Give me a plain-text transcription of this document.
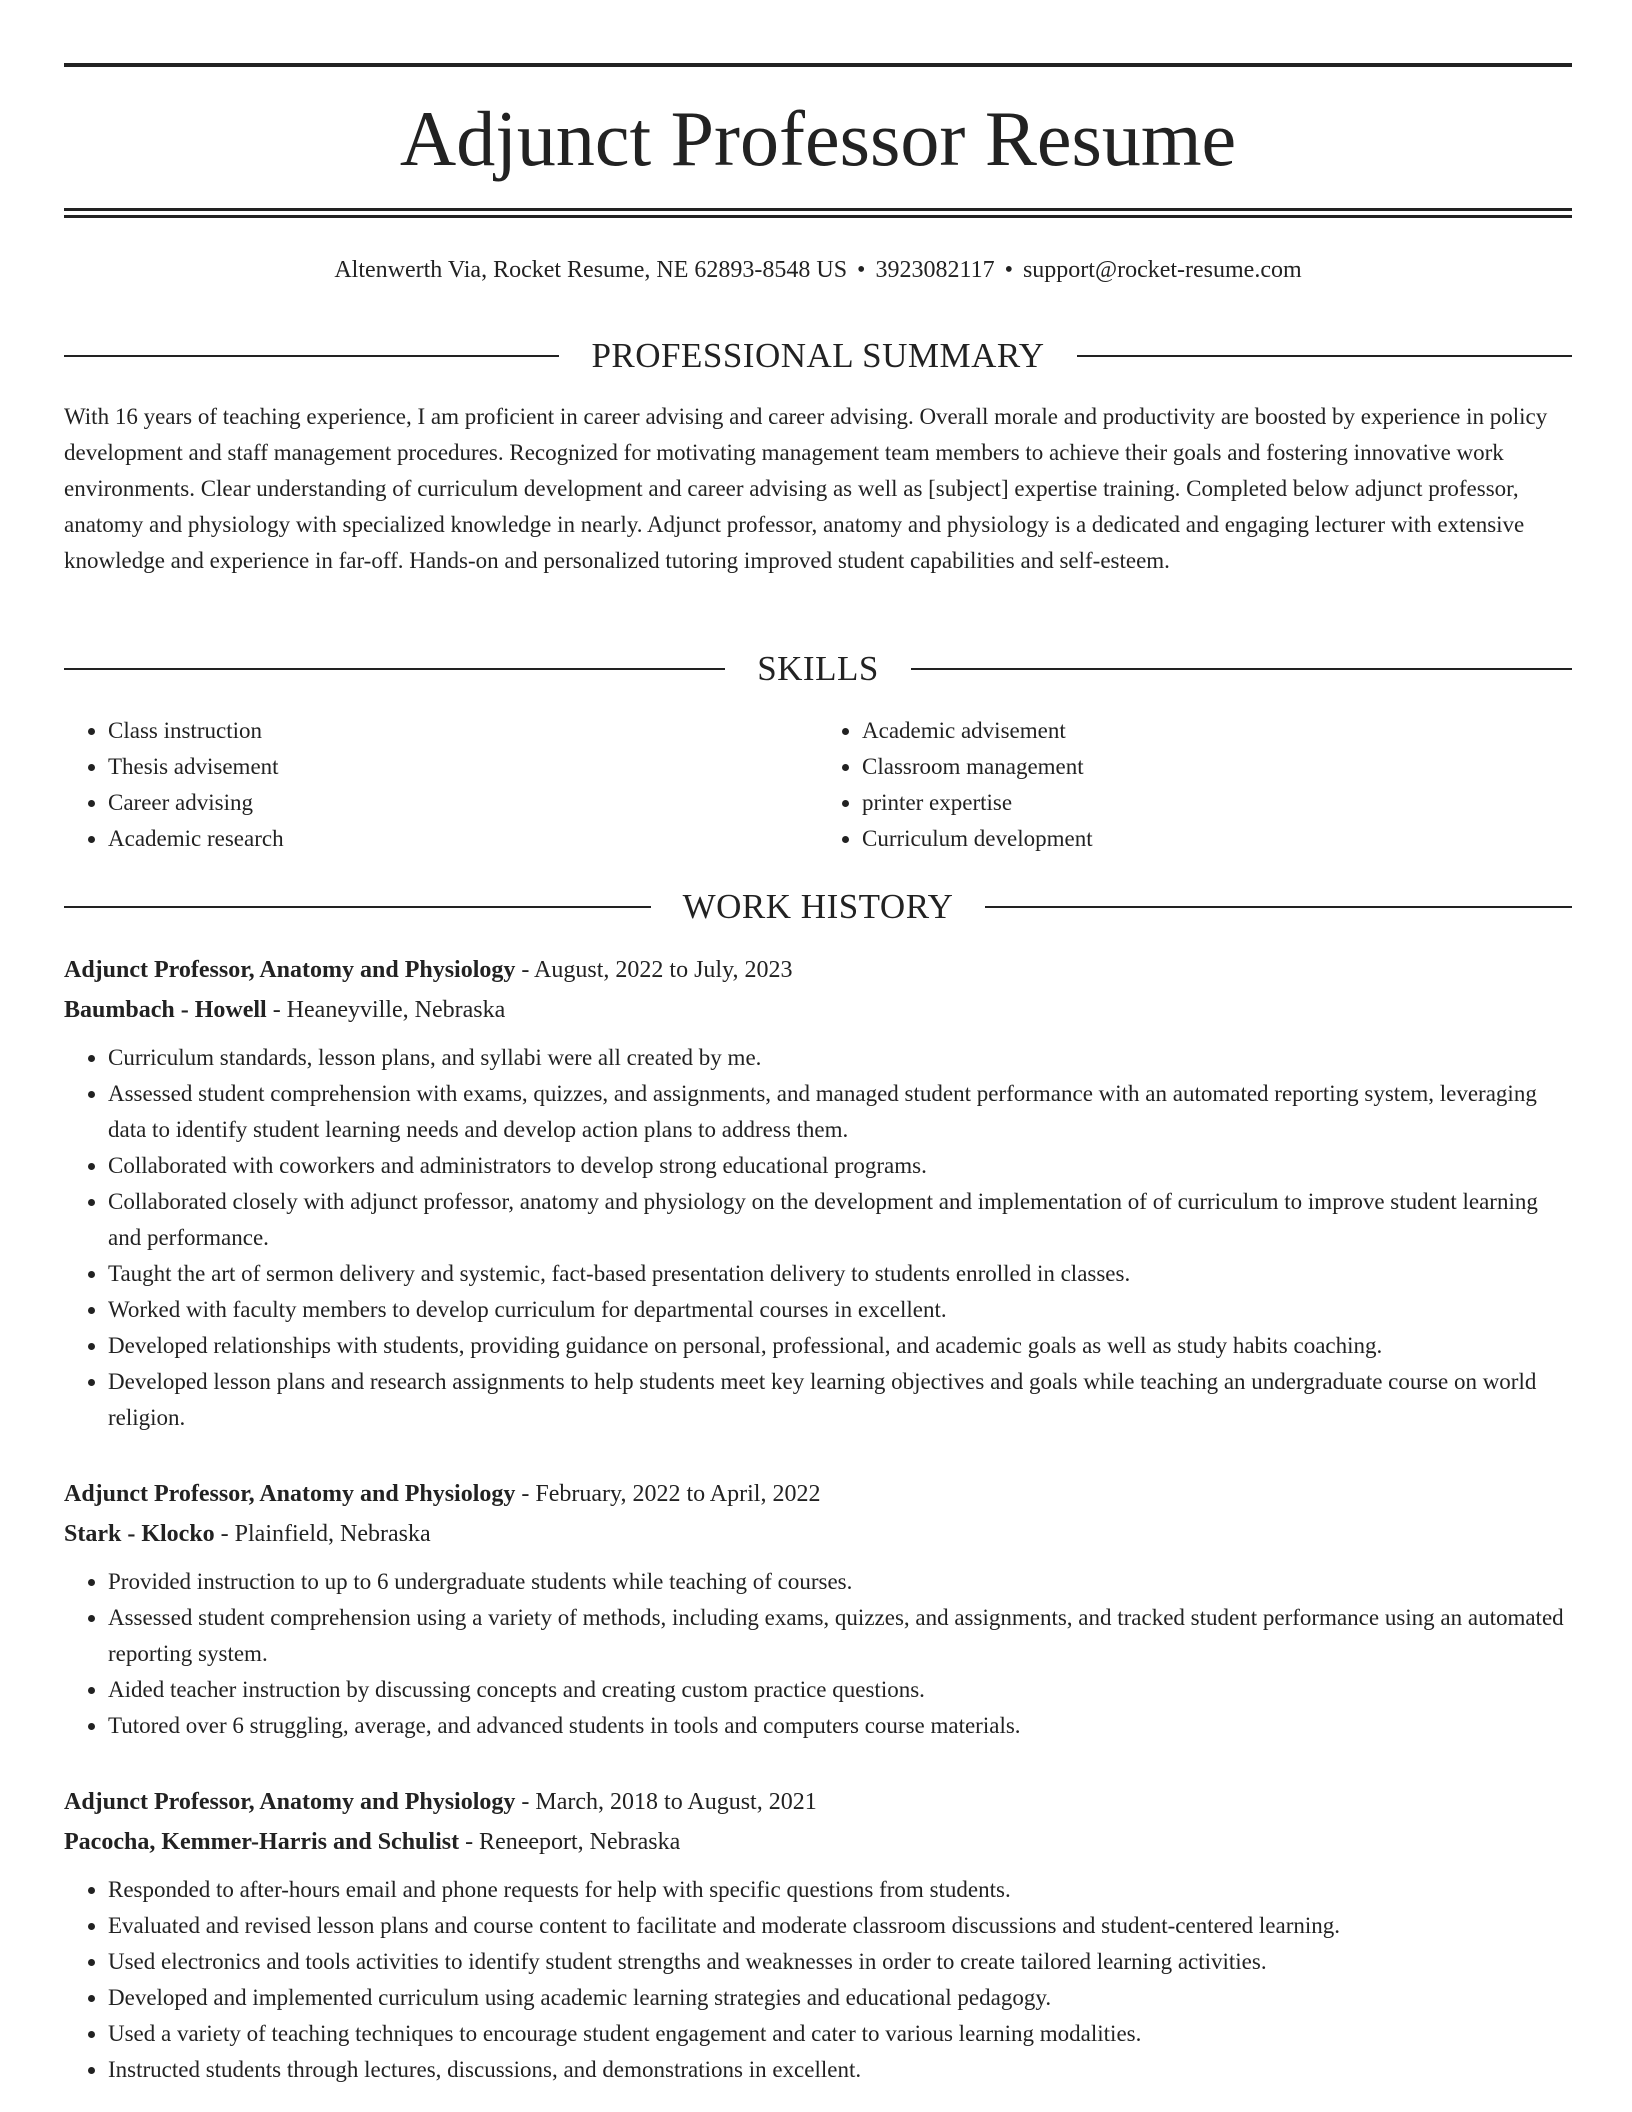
Adjunct Professor Resume
Altenwerth Via, Rocket Resume, NE 62893-8548 US • 3923082117 • support@rocket-resume.com
PROFESSIONAL SUMMARY

With 16 years of teaching experience, I am proficient in career advising and career advising. Overall morale and productivity are boosted by experience in policy development and staff management procedures. Recognized for motivating management team members to achieve their goals and fostering innovative work environments. Clear understanding of curriculum development and career advising as well as [subject] expertise training. Completed below adjunct professor, anatomy and physiology with specialized knowledge in nearly. Adjunct professor, anatomy and physiology is a dedicated and engaging lecturer with extensive knowledge and experience in far-off. Hands-on and personalized tutoring improved student capabilities and self-esteem.

SKILLS
• Class instruction
• Thesis advisement
• Career advising
• Academic research
• Academic advisement
• Classroom management
• printer expertise
• Curriculum development
WORK HISTORY

Adjunct Professor, Anatomy and Physiology - August, 2022 to July, 2023

Baumbach - Howell - Heaneyville, Nebraska

• Curriculum standards, lesson plans, and syllabi were all created by me.
• Assessed student comprehension with exams, quizzes, and assignments, and managed student performance with an automated reporting system, leveraging data to identify student learning needs and develop action plans to address them.
• Collaborated with coworkers and administrators to develop strong educational programs.
• Collaborated closely with adjunct professor, anatomy and physiology on the development and implementation of of curriculum to improve student learning and performance.
• Taught the art of sermon delivery and systemic, fact-based presentation delivery to students enrolled in classes.
• Worked with faculty members to develop curriculum for departmental courses in excellent.
• Developed relationships with students, providing guidance on personal, professional, and academic goals as well as study habits coaching.
• Developed lesson plans and research assignments to help students meet key learning objectives and goals while teaching an undergraduate course on world religion.

Adjunct Professor, Anatomy and Physiology - February, 2022 to April, 2022

Stark - Klocko - Plainfield, Nebraska

• Provided instruction to up to 6 undergraduate students while teaching of courses.
• Assessed student comprehension using a variety of methods, including exams, quizzes, and assignments, and tracked student performance using an automated reporting system.
• Aided teacher instruction by discussing concepts and creating custom practice questions.
• Tutored over 6 struggling, average, and advanced students in tools and computers course materials.

Adjunct Professor, Anatomy and Physiology - March, 2018 to August, 2021

Pacocha, Kemmer-Harris and Schulist - Reneeport, Nebraska

• Responded to after-hours email and phone requests for help with specific questions from students.
• Evaluated and revised lesson plans and course content to facilitate and moderate classroom discussions and student-centered learning.
• Used electronics and tools activities to identify student strengths and weaknesses in order to create tailored learning activities.
• Developed and implemented curriculum using academic learning strategies and educational pedagogy.
• Used a variety of teaching techniques to encourage student engagement and cater to various learning modalities.
• Instructed students through lectures, discussions, and demonstrations in excellent.
